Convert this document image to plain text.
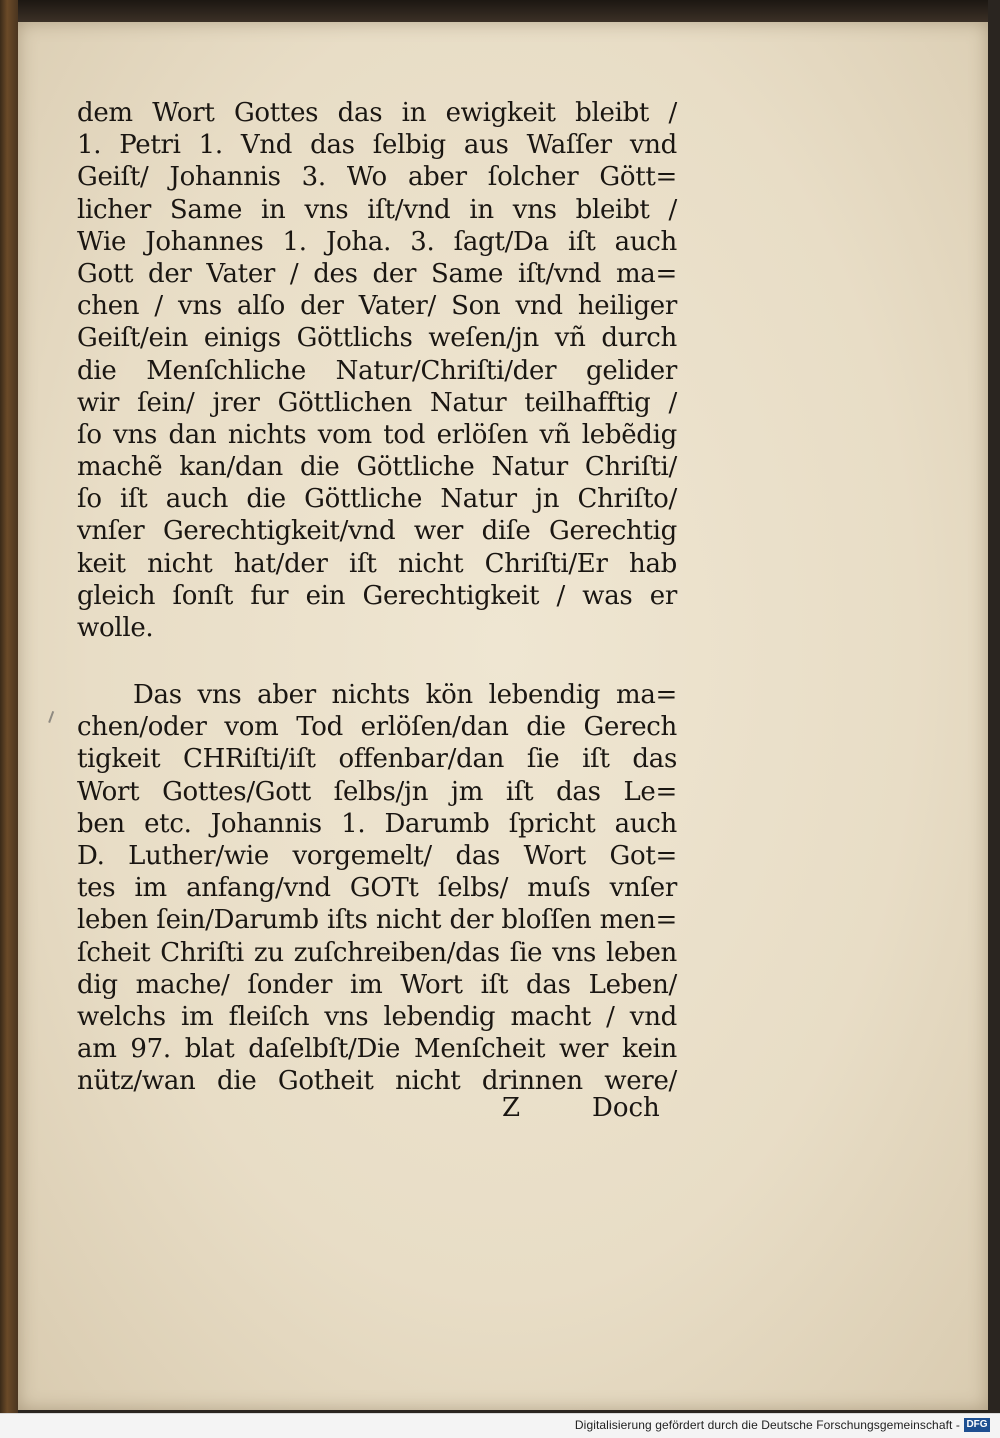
dem Wort Gottes das in ewigkeit bleibt /
1. Petri 1. Vnd das ſelbig aus Waſſer vnd
Geiſt/ Johannis 3. Wo aber ſolcher Gött=
licher Same in vns iſt/vnd in vns bleibt /
Wie Johannes 1. Joha. 3. ſagt/Da iſt auch
Gott der Vater / des der Same iſt/vnd ma=
chen / vns alſo der Vater/ Son vnd heiliger
Geiſt/ein einigs Göttlichs weſen/jn vñ durch
die Menſchliche Natur/Chriſti/der gelider
wir ſein/ jrer Göttlichen Natur teilhafftig /
ſo vns dan nichts vom tod erlöſen vñ lebẽdig
machẽ kan/dan die Göttliche Natur Chriſti/
ſo iſt auch die Göttliche Natur jn Chriſto/
vnſer Gerechtigkeit/vnd wer diſe Gerechtig
keit nicht hat/der iſt nicht Chriſti/Er hab
gleich ſonſt fur ein Gerechtigkeit / was er
wolle.
Das vns aber nichts kön lebendig ma=
chen/oder vom Tod erlöſen/dan die Gerech
tigkeit CHRiſti/iſt offenbar/dan ſie iſt das
Wort Gottes/Gott ſelbs/jn jm iſt das Le=
ben etc. Johannis 1. Darumb ſpricht auch
D. Luther/wie vorgemelt/ das Wort Got=
tes im anfang/vnd GOTt ſelbs/ muſs vnſer
leben ſein/Darumb iſts nicht der bloſſen men=
ſcheit Chriſti zu zuſchreiben/das ſie vns leben
dig mache/ ſonder im Wort iſt das Leben/
welchs im fleiſch vns lebendig macht / vnd
am 97. blat daſelbſt/Die Menſcheit wer kein
nütz/wan die Gotheit nicht drinnen were/
Z	Doch
Digitalisierung gefördert durch die Deutsche Forschungsgemeinschaft - DFG
